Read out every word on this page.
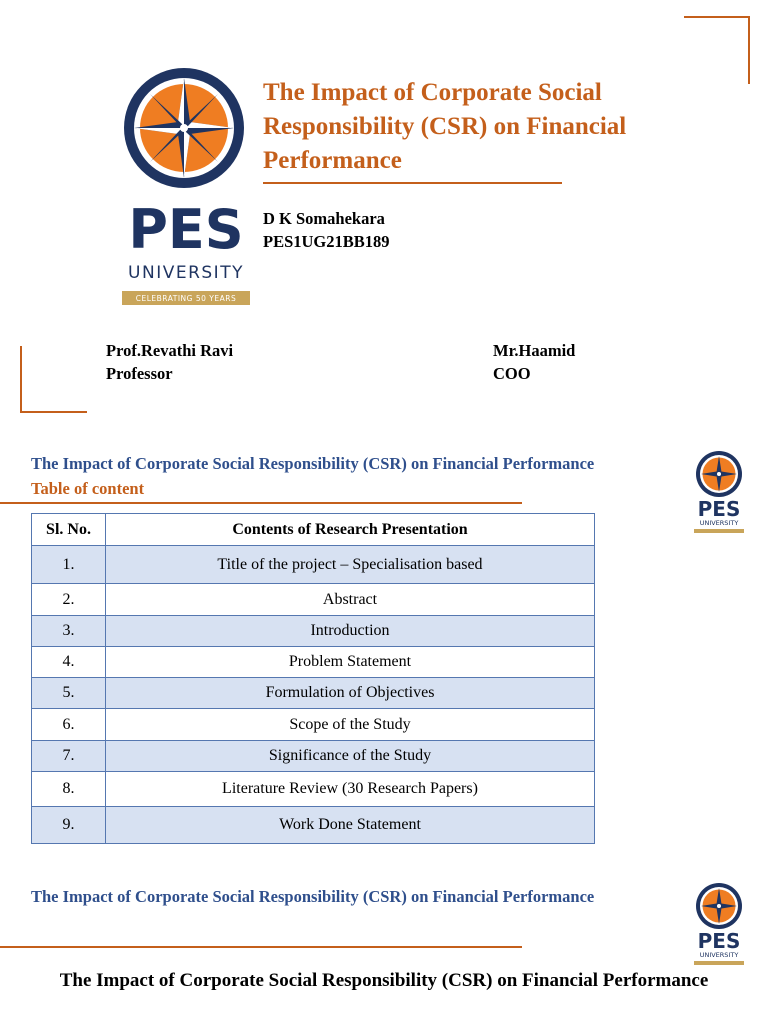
PES
UNIVERSITY
CELEBRATING 50 YEARS
The Impact of Corporate Social Responsibility (CSR) on Financial Performance
D K Somahekara
PES1UG21BB189
Prof.Revathi Ravi
Professor
Mr.Haamid
COO
The Impact of Corporate Social Responsibility (CSR) on Financial Performance
Table of content
PES
UNIVERSITY
Sl. No.	Contents of Research Presentation
1.	Title of the project – Specialisation based
2.	Abstract
3.	Introduction
4.	Problem Statement
5.	Formulation of Objectives
6.	Scope of the Study
7.	Significance of the Study
8.	Literature Review (30 Research Papers)
9.	Work Done Statement
The Impact of Corporate Social Responsibility (CSR) on Financial Performance
PES
UNIVERSITY
The Impact of Corporate Social Responsibility (CSR) on Financial Performance
